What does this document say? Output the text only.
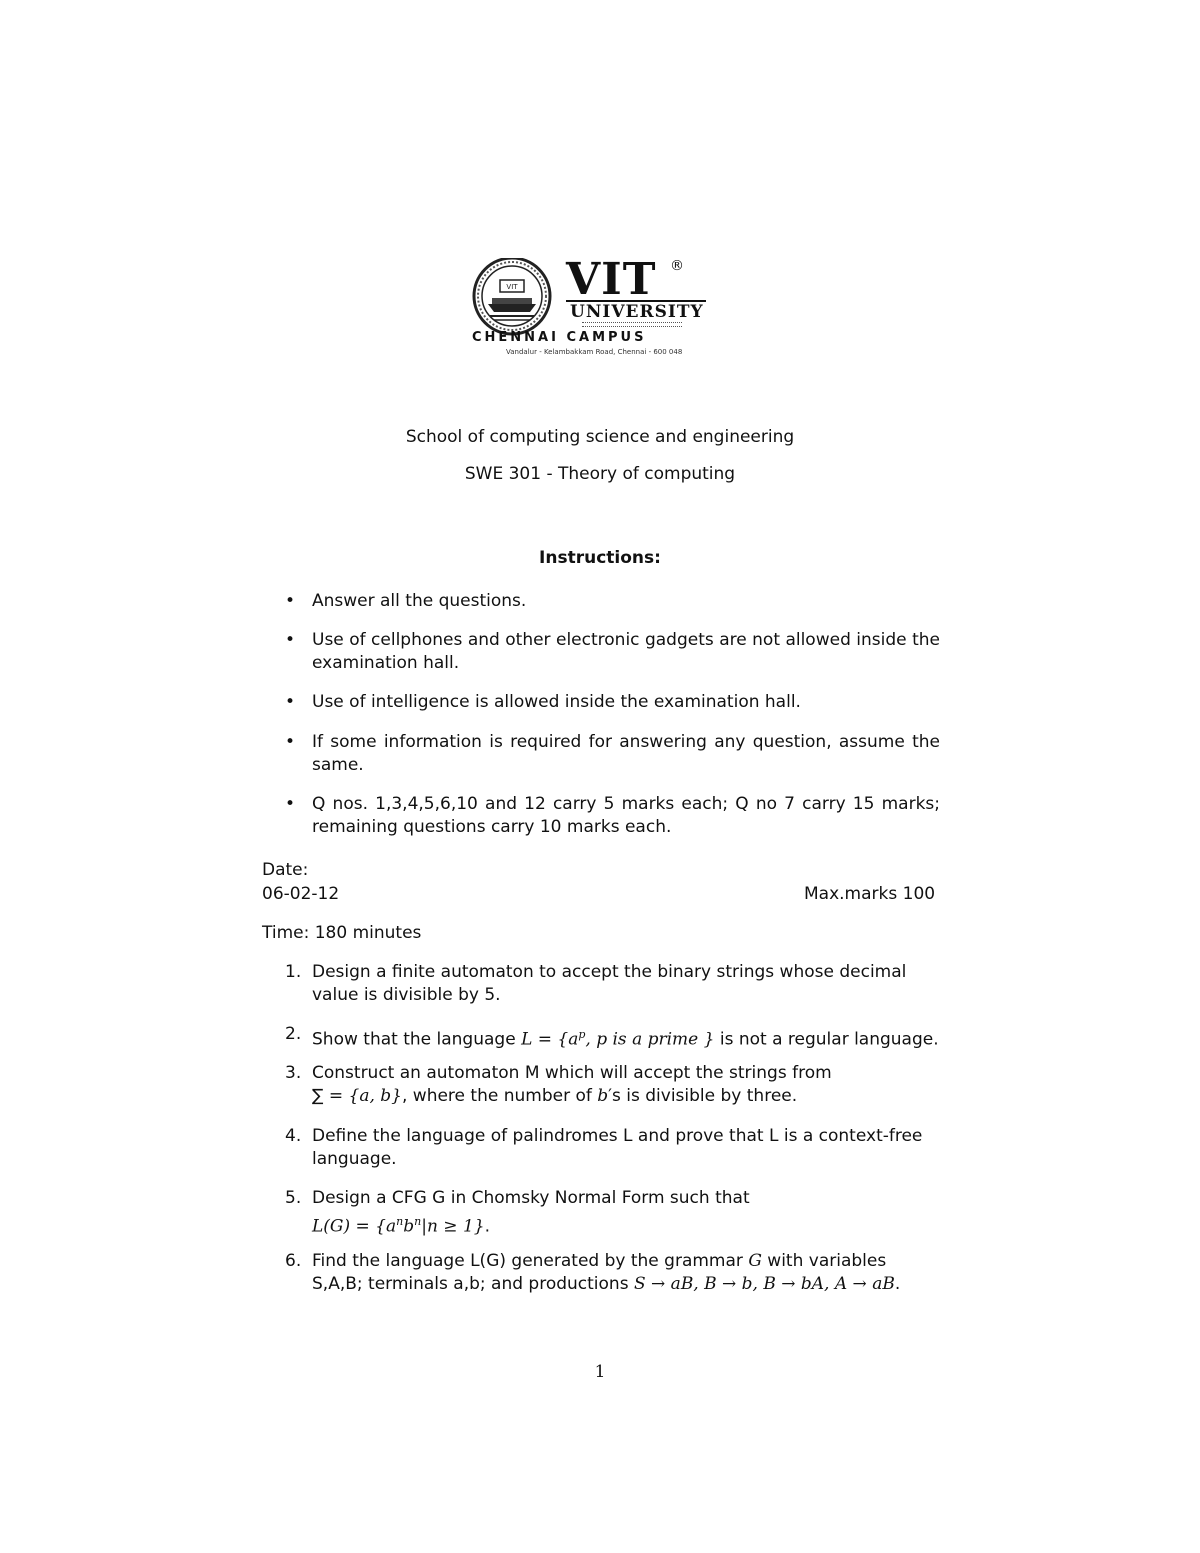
VIT VIT ®
UNIVERSITY
CHENNAI CAMPUS
Vandalur - Kelambakkam Road, Chennai - 600 048
School of computing science and engineering
SWE 301 - Theory of computing
Instructions:
• Answer all the questions.
• Use of cellphones and other electronic gadgets are not allowed inside the examination hall.
• Use of intelligence is allowed inside the examination hall.
• If some information is required for answering any question, assume the same.
• Q nos. 1,3,4,5,6,10 and 12 carry 5 marks each; Q no 7 carry 15 marks; remaining questions carry 10 marks each.
Date:
06-02-12	Max.marks 100
Time: 180 minutes
1. Design a finite automaton to accept the binary strings whose decimal value is divisible by 5.
2. Show that the language $L = \{a^p$, p is a prime } is not a regular language.
3. Construct an automaton M which will accept the strings from
∑ = {a, b}, where the number of b′s is divisible by three.
4. Define the language of palindromes L and prove that L is a context-free language.
5. Design a CFG G in Chomsky Normal Form such that
$L(G) = \{a^nb^n|n \ge 1\}$.
6. Find the language L(G) generated by the grammar G with variables
S,A,B; terminals a,b; and productions S → aB, B → b, B → bA, A → aB.
1
